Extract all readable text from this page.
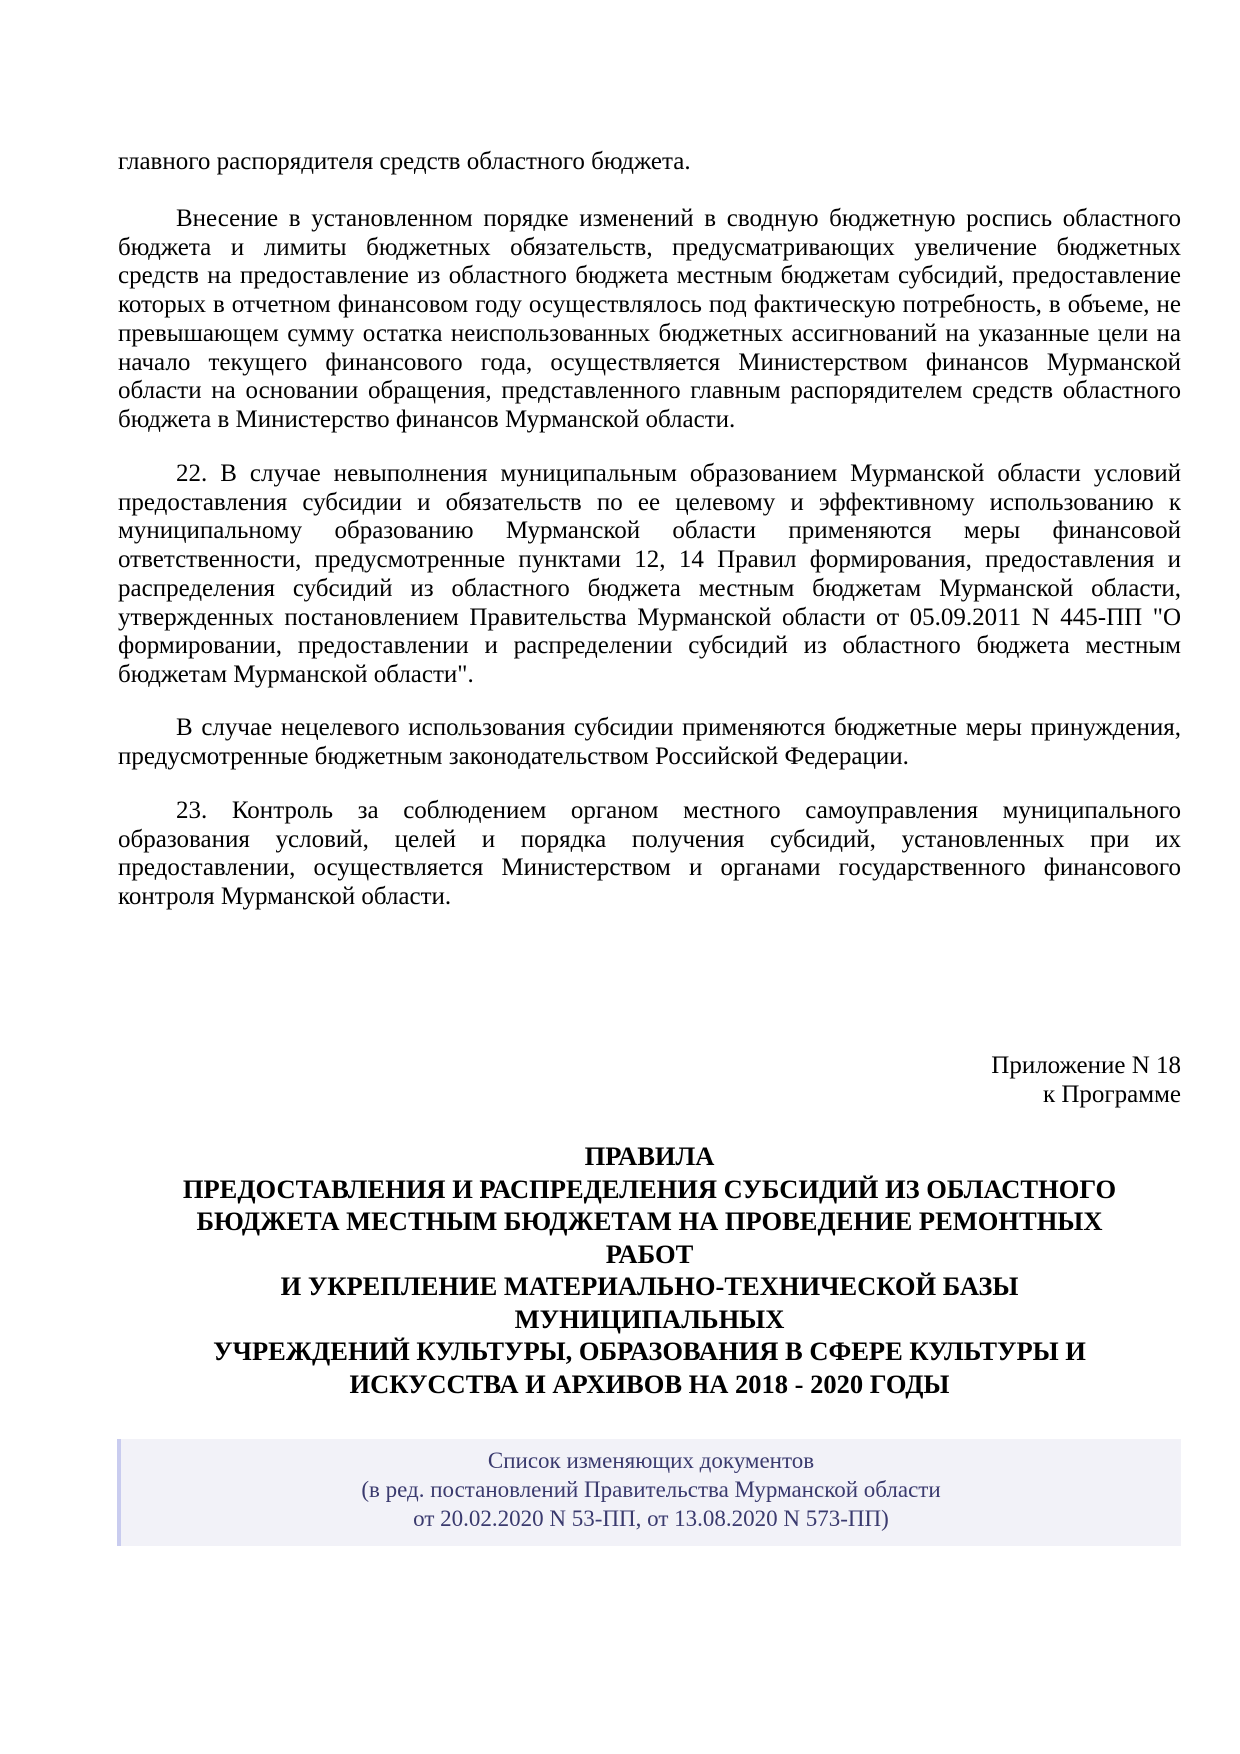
главного распорядителя средств областного бюджета.
Внесение в установленном порядке изменений в сводную бюджетную роспись областного
бюджета и лимиты бюджетных обязательств, предусматривающих увеличение бюджетных
средств на предоставление из областного бюджета местным бюджетам субсидий, предоставление
которых в отчетном финансовом году осуществлялось под фактическую потребность, в объеме, не
превышающем сумму остатка неиспользованных бюджетных ассигнований на указанные цели на
начало текущего финансового года, осуществляется Министерством финансов Мурманской
области на основании обращения, представленного главным распорядителем средств областного
бюджета в Министерство финансов Мурманской области.
22. В случае невыполнения муниципальным образованием Мурманской области условий
предоставления субсидии и обязательств по ее целевому и эффективному использованию к
муниципальному образованию Мурманской области применяются меры финансовой
ответственности, предусмотренные пунктами 12, 14 Правил формирования, предоставления и
распределения субсидий из областного бюджета местным бюджетам Мурманской области,
утвержденных постановлением Правительства Мурманской области от 05.09.2011 N 445-ПП "О
формировании, предоставлении и распределении субсидий из областного бюджета местным
бюджетам Мурманской области".
В случае нецелевого использования субсидии применяются бюджетные меры принуждения,
предусмотренные бюджетным законодательством Российской Федерации.
23. Контроль за соблюдением органом местного самоуправления муниципального
образования условий, целей и порядка получения субсидий, установленных при их
предоставлении, осуществляется Министерством и органами государственного финансового
контроля Мурманской области.
Приложение N 18
к Программе
ПРАВИЛА
ПРЕДОСТАВЛЕНИЯ И РАСПРЕДЕЛЕНИЯ СУБСИДИЙ ИЗ ОБЛАСТНОГО
БЮДЖЕТА МЕСТНЫМ БЮДЖЕТАМ НА ПРОВЕДЕНИЕ РЕМОНТНЫХ
РАБОТ
И УКРЕПЛЕНИЕ МАТЕРИАЛЬНО-ТЕХНИЧЕСКОЙ БАЗЫ
МУНИЦИПАЛЬНЫХ
УЧРЕЖДЕНИЙ КУЛЬТУРЫ, ОБРАЗОВАНИЯ В СФЕРЕ КУЛЬТУРЫ И
ИСКУССТВА И АРХИВОВ НА 2018 - 2020 ГОДЫ
Список изменяющих документов
(в ред. постановлений Правительства Мурманской области
от 20.02.2020 N 53-ПП, от 13.08.2020 N 573-ПП)
